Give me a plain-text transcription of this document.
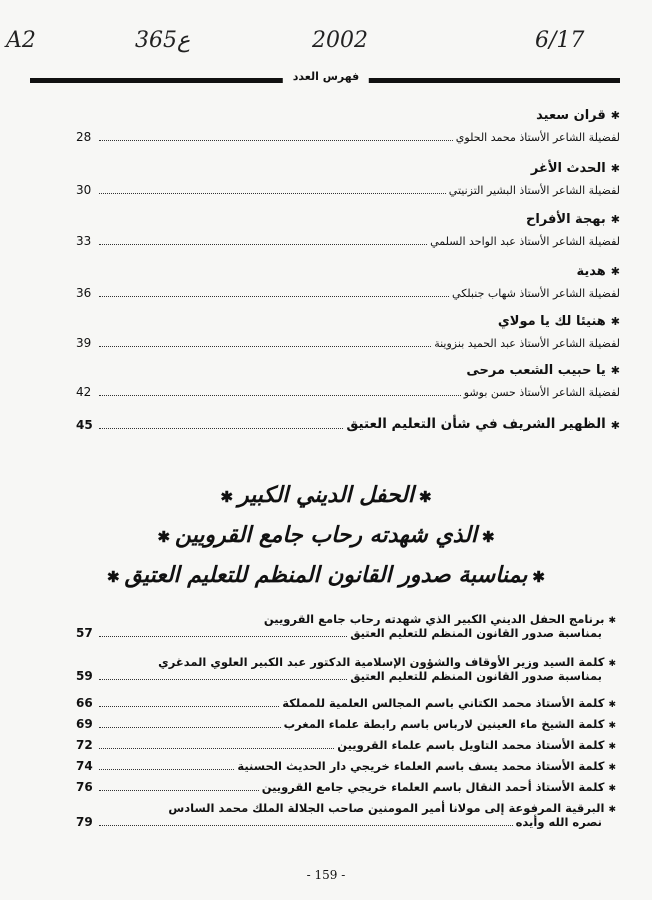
A2	365ع	2002	6/17
فهرس العدد
✱ قران سعيد
لفضيلة الشاعر الأستاذ محمد الحلوي
28
✱ الحدث الأغر
لفضيلة الشاعر الأستاذ البشير التزنيتي
30
✱ بهجة الأفراح
لفضيلة الشاعر الأستاذ عبد الواحد السلمي
33
✱ هدية
لفضيلة الشاعر الأستاذ شهاب جنبلكي
36
✱ هنيئا لك يا مولاي
لفضيلة الشاعر الأستاذ عبد الحميد بنزوينة
39
✱ يا حبيب الشعب مرحى
لفضيلة الشاعر الأستاذ حسن بوشو
42
✱ الظهير الشريف في شأن التعليم العتيق
45
✱الحفل الديني الكبير✱
✱الذي شهدته رحاب جامع القرويين✱
✱بمناسبة صدور القانون المنظم للتعليم العتيق✱
✱ برنامج الحفل الديني الكبير الذي شهدته رحاب جامع القرويين
بمناسبة صدور القانون المنظم للتعليم العتيق
57
✱ كلمة السيد وزير الأوقاف والشؤون الإسلامية الدكتور عبد الكبير العلوي المدغري
بمناسبة صدور القانون المنظم للتعليم العتيق
59
✱ كلمة الأستاذ محمد الكتاني باسم المجالس العلمية للمملكة
66
✱ كلمة الشيخ ماء العينين لارباس باسم رابطة علماء المغرب
69
✱ كلمة الأستاذ محمد التاويل باسم علماء القرويين
72
✱ كلمة الأستاذ محمد يسف باسم العلماء خريجي دار الحديث الحسنية
74
✱ كلمة الأستاذ أحمد النقال باسم العلماء خريجي جامع القرويين
76
✱ البرقية المرفوعة إلى مولانا أمير المومنين صاحب الجلالة الملك محمد السادس
نصره الله وأيده
79
- 159 -
